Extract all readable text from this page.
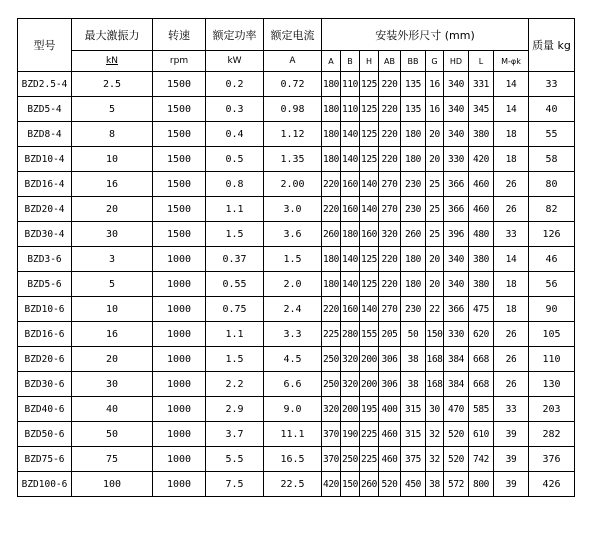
型号	最大激振力	转速	额定功率	额定电流	安装外形尺寸 (mm)									质量 kg
	kN	rpm	kW	A	A	B	H	AB	BB	G	HD	L	M-φk	
BZD2.5-4	2.5	1500	0.2	0.72	180	110	125	220	135	16	340	331	14	33
BZD5-4	5	1500	0.3	0.98	180	110	125	220	135	16	340	345	14	40
BZD8-4	8	1500	0.4	1.12	180	140	125	220	180	20	340	380	18	55
BZD10-4	10	1500	0.5	1.35	180	140	125	220	180	20	330	420	18	58
BZD16-4	16	1500	0.8	2.00	220	160	140	270	230	25	366	460	26	80
BZD20-4	20	1500	1.1	3.0	220	160	140	270	230	25	366	460	26	82
BZD30-4	30	1500	1.5	3.6	260	180	160	320	260	25	396	480	33	126
BZD3-6	3	1000	0.37	1.5	180	140	125	220	180	20	340	380	14	46
BZD5-6	5	1000	0.55	2.0	180	140	125	220	180	20	340	380	18	56
BZD10-6	10	1000	0.75	2.4	220	160	140	270	230	22	366	475	18	90
BZD16-6	16	1000	1.1	3.3	225	280	155	205	50	150	330	620	26	105
BZD20-6	20	1000	1.5	4.5	250	320	200	306	38	168	384	668	26	110
BZD30-6	30	1000	2.2	6.6	250	320	200	306	38	168	384	668	26	130
BZD40-6	40	1000	2.9	9.0	320	200	195	400	315	30	470	585	33	203
BZD50-6	50	1000	3.7	11.1	370	190	225	460	315	32	520	610	39	282
BZD75-6	75	1000	5.5	16.5	370	250	225	460	375	32	520	742	39	376
BZD100-6	100	1000	7.5	22.5	420	150	260	520	450	38	572	800	39	426
